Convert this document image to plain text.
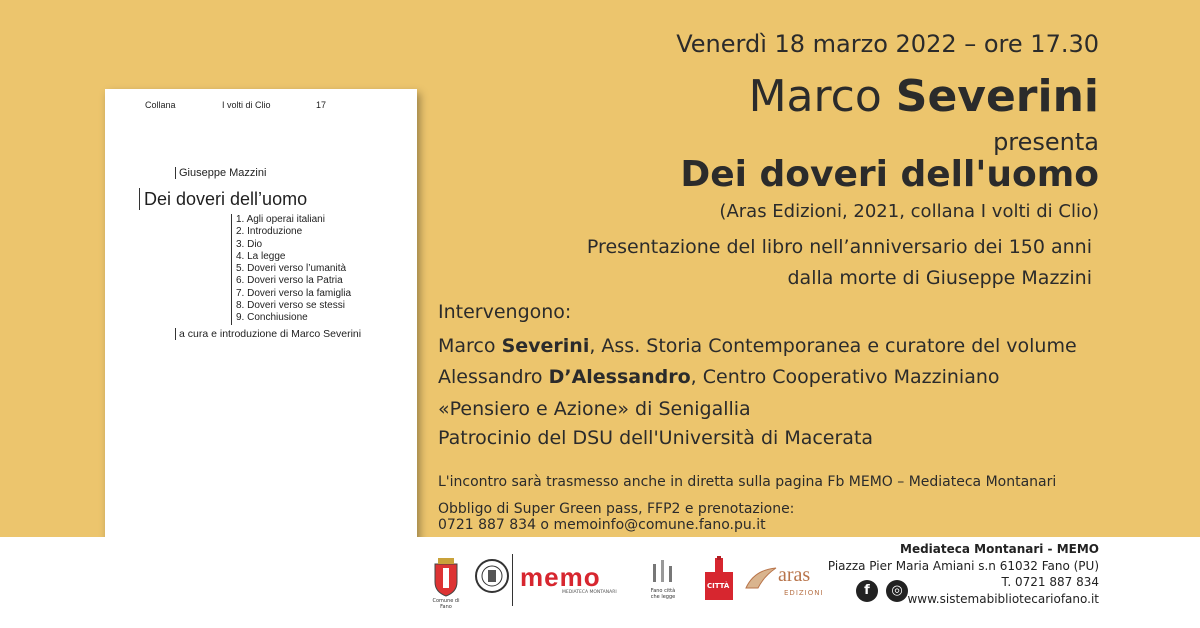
Collana	I volti di Clio	17
Giuseppe Mazzini
Dei doveri dell’uomo
1. Agli operai italiani
2. Introduzione
3. Dio
4. La legge
5. Doveri verso l’umanità
6. Doveri verso la Patria
7. Doveri verso la famiglia
8. Doveri verso se stessi
9. Conchiusione
a cura e introduzione di Marco Severini
Venerdì 18 marzo 2022 – ore 17.30
Marco Severini
presenta
Dei doveri dell'uomo
(Aras Edizioni, 2021, collana I volti di Clio)
Presentazione del libro nell’anniversario dei 150 anni
dalla morte di Giuseppe Mazzini
Intervengono:
Marco Severini, Ass. Storia Contemporanea e curatore del volume
Alessandro D’Alessandro, Centro Cooperativo Mazziniano
«Pensiero e Azione» di Senigallia
Patrocinio del DSU dell'Università di Macerata
L'incontro sarà trasmesso anche in diretta sulla pagina Fb MEMO – Mediateca Montanari
Obbligo di Super Green pass, FFP2 e prenotazione:
0721 887 834 o memoinfo@comune.fano.pu.it
Comune di Fano
memo
MEDIATECA MONTANARI	Fano città che legge
CITTÀ aras
EDIZIONI
Mediateca Montanari - MEMO
Piazza Pier Maria Amiani s.n 61032 Fano (PU)
T. 0721 887 834
f	◎
www.sistemabibliotecariofano.it
